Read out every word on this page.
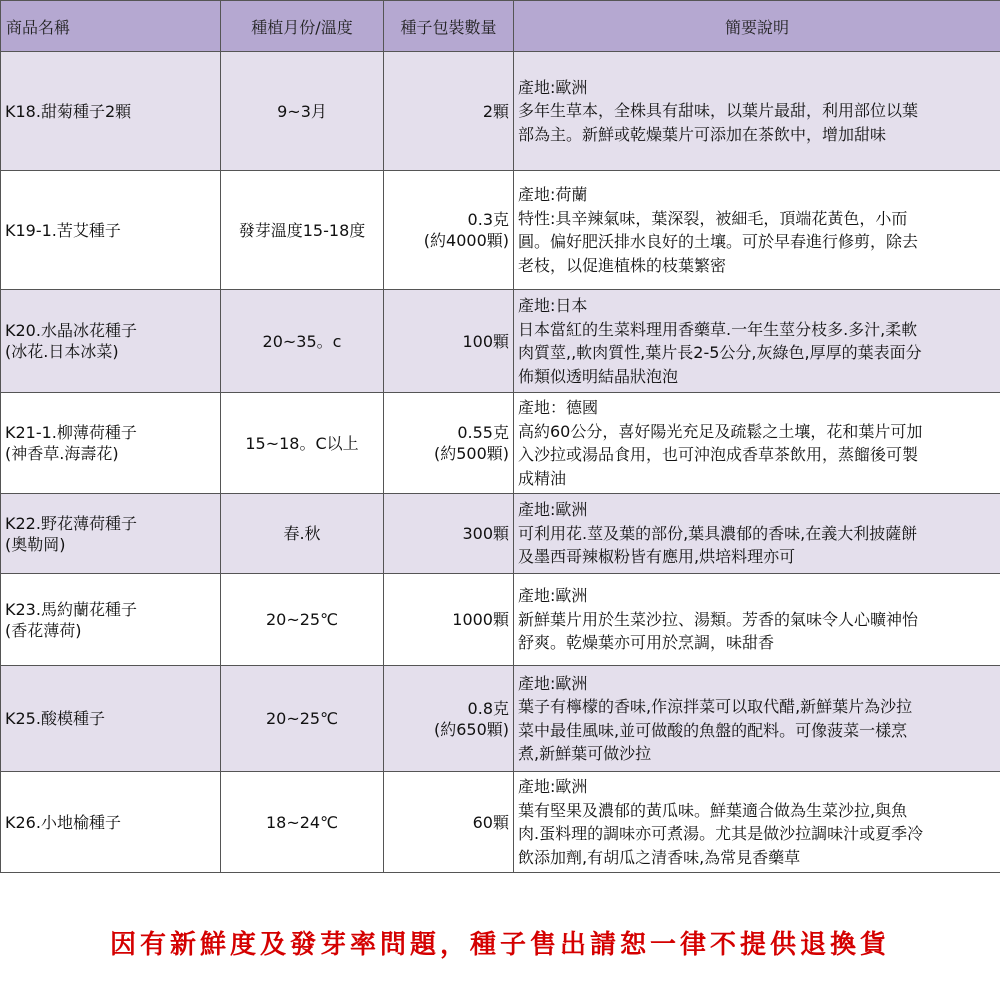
商品名稱	種植月份/溫度	種子包裝數量	簡要說明

K18.甜菊種子2顆	9~3月	2顆	產地:歐洲
多年生草本，全株具有甜味，以葉片最甜，利用部位以葉
部為主。新鮮或乾燥葉片可添加在茶飲中，增加甜味

K19-1.苦艾種子	發芽溫度15-18度	0.3克
(約4000顆)	產地:荷蘭
特性:具辛辣氣味，葉深裂，被細毛，頂端花黃色，小而
圓。偏好肥沃排水良好的土壤。可於早春進行修剪，除去
老枝，以促進植株的枝葉繁密

K20.水晶冰花種子
(冰花.日本冰菜)	20~35。c	100顆	產地:日本
日本當紅的生菜料理用香藥草.一年生莖分枝多.多汁,柔軟
肉質莖,,軟肉質性,葉片長2-5公分,灰綠色,厚厚的葉表面分
佈類似透明結晶狀泡泡

K21-1.柳薄荷種子
(神香草.海壽花)	15~18。C以上	0.55克
(約500顆)	產地：德國
高約60公分，喜好陽光充足及疏鬆之土壤，花和葉片可加
入沙拉或湯品食用，也可沖泡成香草茶飲用，蒸餾後可製
成精油

K22.野花薄荷種子
(奧勒岡)	春.秋	300顆	產地:歐洲
可利用花.莖及葉的部份,葉具濃郁的香味,在義大利披薩餅
及墨西哥辣椒粉皆有應用,烘培料理亦可

K23.馬約蘭花種子
(香花薄荷)	20~25℃	1000顆	產地:歐洲
新鮮葉片用於生菜沙拉、湯類。芳香的氣味令人心曠神怡
舒爽。乾燥葉亦可用於烹調，味甜香

K25.酸模種子	20~25℃	0.8克
(約650顆)	產地:歐洲
葉子有檸檬的香味,作涼拌菜可以取代醋,新鮮葉片為沙拉
菜中最佳風味,並可做酸的魚盤的配料。可像菠菜一樣烹
煮,新鮮葉可做沙拉

K26.小地榆種子	18~24℃	60顆	產地:歐洲
葉有堅果及濃郁的黃瓜味。鮮葉適合做為生菜沙拉,與魚
肉.蛋料理的調味亦可煮湯。尤其是做沙拉調味汁或夏季冷
飲添加劑,有胡瓜之清香味,為常見香藥草
因有新鮮度及發芽率問題，種子售出請恕一律不提供退換貨
